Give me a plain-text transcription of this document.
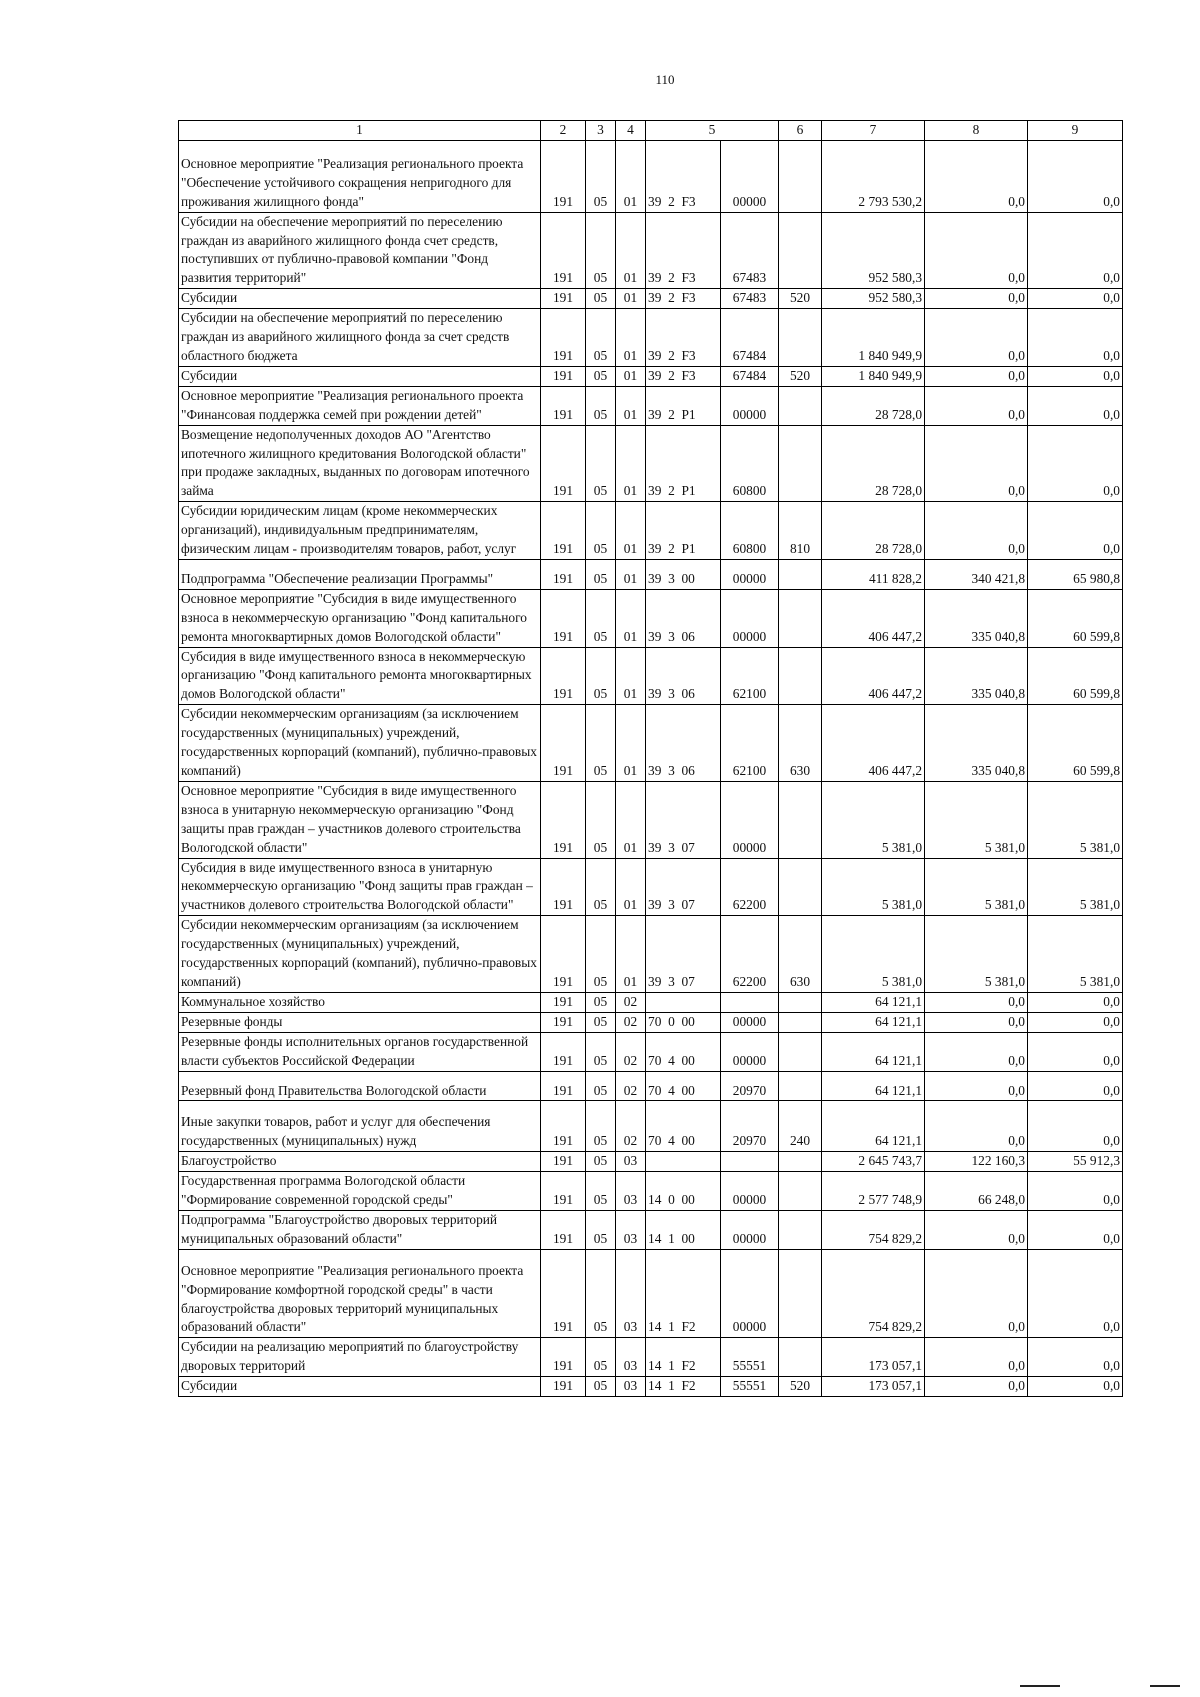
110
1	2	3	4	5		6	7	8	9
Основное мероприятие "Реализация регионального проекта "Обеспечение устойчивого сокращения непригодного для проживания жилищного фонда"	191	05	01	39  2  F3	00000		2 793 530,2	0,0	0,0
Субсидии на обеспечение мероприятий по переселению граждан из аварийного жилищного фонда счет средств, поступивших от публично-правовой компании "Фонд развития территорий"	191	05	01	39  2  F3	67483		952 580,3	0,0	0,0
Субсидии	191	05	01	39  2  F3	67483	520	952 580,3	0,0	0,0
Субсидии на обеспечение мероприятий по переселению граждан из аварийного жилищного фонда за счет средств областного бюджета	191	05	01	39  2  F3	67484		1 840 949,9	0,0	0,0
Субсидии	191	05	01	39  2  F3	67484	520	1 840 949,9	0,0	0,0
Основное мероприятие "Реализация регионального проекта "Финансовая поддержка семей при рождении детей"	191	05	01	39  2  P1	00000		28 728,0	0,0	0,0
Возмещение недополученных доходов АО "Агентство ипотечного жилищного кредитования Вологодской области" при продаже закладных, выданных по договорам ипотечного займа	191	05	01	39  2  P1	60800		28 728,0	0,0	0,0
Субсидии юридическим лицам (кроме некоммерческих организаций), индивидуальным предпринимателям, физическим лицам - производителям товаров, работ, услуг	191	05	01	39  2  P1	60800	810	28 728,0	0,0	0,0
Подпрограмма "Обеспечение реализации Программы"	191	05	01	39  3  00	00000		411 828,2	340 421,8	65 980,8
Основное мероприятие "Субсидия в виде имущественного взноса в некоммерческую организацию "Фонд капитального ремонта многоквартирных домов Вологодской области"	191	05	01	39  3  06	00000		406 447,2	335 040,8	60 599,8
Субсидия в виде имущественного взноса в некоммерческую организацию "Фонд капитального ремонта многоквартирных домов Вологодской области"	191	05	01	39  3  06	62100		406 447,2	335 040,8	60 599,8
Субсидии некоммерческим организациям (за исключением государственных (муниципальных) учреждений, государственных корпораций (компаний), публично-правовых компаний)	191	05	01	39  3  06	62100	630	406 447,2	335 040,8	60 599,8
Основное мероприятие "Субсидия в виде имущественного взноса в унитарную некоммерческую организацию "Фонд защиты прав граждан – участников долевого строительства Вологодской области"	191	05	01	39  3  07	00000		5 381,0	5 381,0	5 381,0
Субсидия в виде имущественного взноса в унитарную некоммерческую организацию "Фонд защиты прав граждан – участников долевого строительства Вологодской области"	191	05	01	39  3  07	62200		5 381,0	5 381,0	5 381,0
Субсидии некоммерческим организациям (за исключением государственных (муниципальных) учреждений, государственных корпораций (компаний), публично-правовых компаний)	191	05	01	39  3  07	62200	630	5 381,0	5 381,0	5 381,0
Коммунальное хозяйство	191	05	02				64 121,1	0,0	0,0
Резервные фонды	191	05	02	70  0  00	00000		64 121,1	0,0	0,0
Резервные фонды исполнительных органов государственной власти субъектов Российской Федерации	191	05	02	70  4  00	00000		64 121,1	0,0	0,0
Резервный фонд Правительства Вологодской области	191	05	02	70  4  00	20970		64 121,1	0,0	0,0
Иные закупки товаров, работ и услуг для обеспечения государственных (муниципальных) нужд	191	05	02	70  4  00	20970	240	64 121,1	0,0	0,0
Благоустройство	191	05	03				2 645 743,7	122 160,3	55 912,3
Государственная программа Вологодской области "Формирование современной городской среды"	191	05	03	14  0  00	00000		2 577 748,9	66 248,0	0,0
Подпрограмма "Благоустройство дворовых территорий муниципальных образований области"	191	05	03	14  1  00	00000		754 829,2	0,0	0,0
Основное мероприятие "Реализация регионального проекта "Формирование комфортной городской среды" в части благоустройства дворовых территорий муниципальных образований области"	191	05	03	14  1  F2	00000		754 829,2	0,0	0,0
Субсидии на реализацию мероприятий по благоустройству дворовых территорий	191	05	03	14  1  F2	55551		173 057,1	0,0	0,0
Субсидии	191	05	03	14  1  F2	55551	520	173 057,1	0,0	0,0
